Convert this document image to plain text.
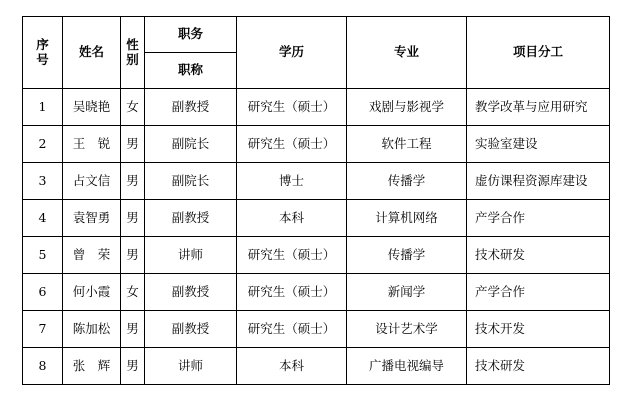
序号	姓名	性别	职务	学历	专业	项目分工
			职称			
1	吴晓艳	女	副教授	研究生（硕士）	戏剧与影视学	教学改革与应用研究
2	王　锐	男	副院长	研究生（硕士）	软件工程	实验室建设
3	占文信	男	副院长	博士	传播学	虚仿课程资源库建设
4	袁智勇	男	副教授	本科	计算机网络	产学合作
5	曾　荣	男	讲师	研究生（硕士）	传播学	技术研发
6	何小霞	女	副教授	研究生（硕士）	新闻学	产学合作
7	陈加松	男	副教授	研究生（硕士）	设计艺术学	技术开发
8	张　辉	男	讲师	本科	广播电视编导	技术研发
